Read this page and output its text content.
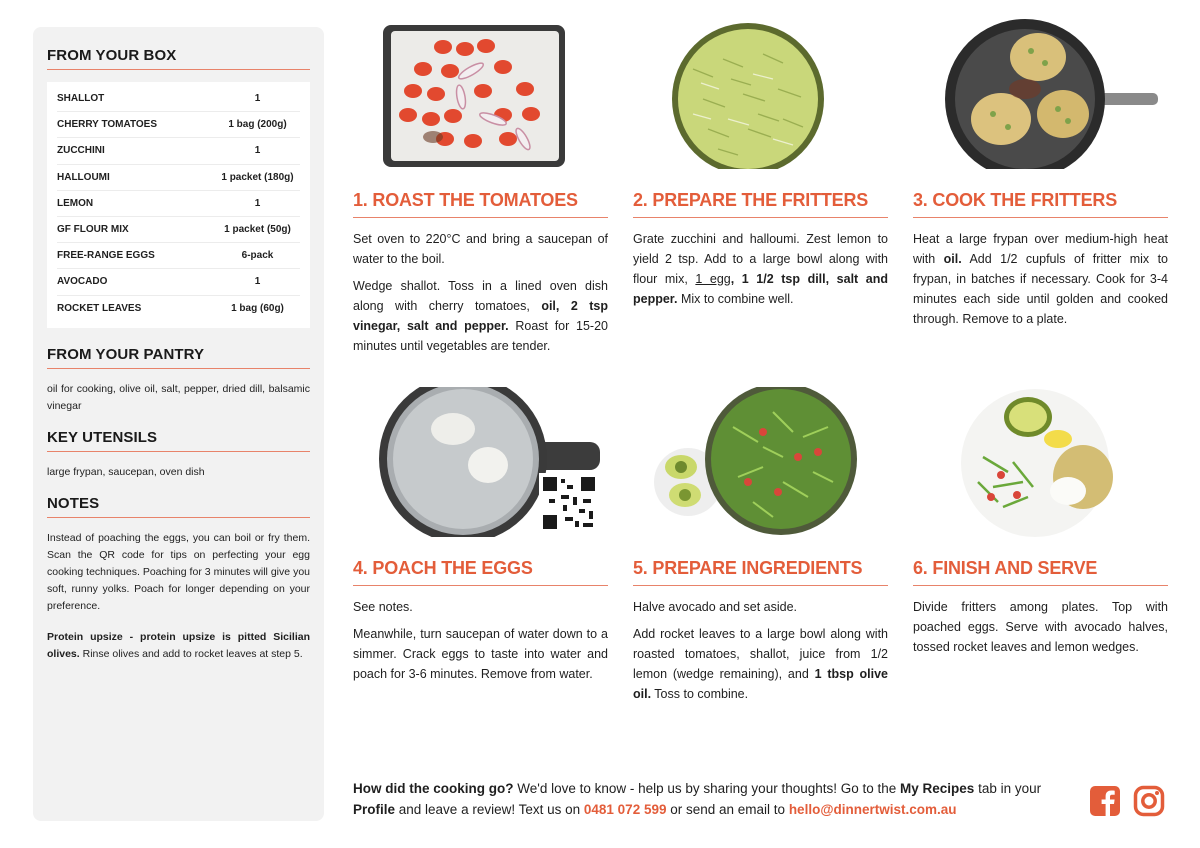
FROM YOUR BOX
SHALLOT	1
CHERRY TOMATOES	1 bag (200g)
ZUCCHINI	1
HALLOUMI	1 packet (180g)
LEMON	1
GF FLOUR MIX	1 packet (50g)
FREE-RANGE EGGS	6-pack
AVOCADO	1
ROCKET LEAVES	1 bag (60g)
FROM YOUR PANTRY

oil for cooking, olive oil, salt, pepper, dried dill, balsamic vinegar

KEY UTENSILS

large frypan, saucepan, oven dish

NOTES

Instead of poaching the eggs, you can boil or fry them. Scan the QR code for tips on perfecting your egg cooking techniques. Poaching for 3 minutes will give you soft, runny yolks. Poach for longer depending on your preference.

Protein upsize - protein upsize is pitted Sicilian olives. Rinse olives and add to rocket leaves at step 5.

1. ROAST THE TOMATOES

Set oven to 220°C and bring a saucepan of water to the boil.

Wedge shallot. Toss in a lined oven dish along with cherry tomatoes, oil, 2 tsp vinegar, salt and pepper. Roast for 15-20 minutes until vegetables are tender.

2. PREPARE THE FRITTERS

Grate zucchini and halloumi. Zest lemon to yield 2 tsp. Add to a large bowl along with flour mix, 1 egg, 1 1/2 tsp dill, salt and pepper. Mix to combine well.

3. COOK THE FRITTERS

Heat a large frypan over medium-high heat with oil. Add 1/2 cupfuls of fritter mix to frypan, in batches if necessary. Cook for 3-4 minutes each side until golden and cooked through. Remove to a plate.

4. POACH THE EGGS

See notes.

Meanwhile, turn saucepan of water down to a simmer. Crack eggs to taste into water and poach for 3-6 minutes. Remove from water.

5. PREPARE INGREDIENTS

Halve avocado and set aside.

Add rocket leaves to a large bowl along with roasted tomatoes, shallot, juice from 1/2 lemon (wedge remaining), and 1 tbsp olive oil. Toss to combine.

6. FINISH AND SERVE

Divide fritters among plates. Top with poached eggs. Serve with avocado halves, tossed rocket leaves and lemon wedges.

How did the cooking go? We'd love to know - help us by sharing your thoughts! Go to the My Recipes tab in your Profile and leave a review! Text us on 0481 072 599 or send an email to hello@dinnertwist.com.au
